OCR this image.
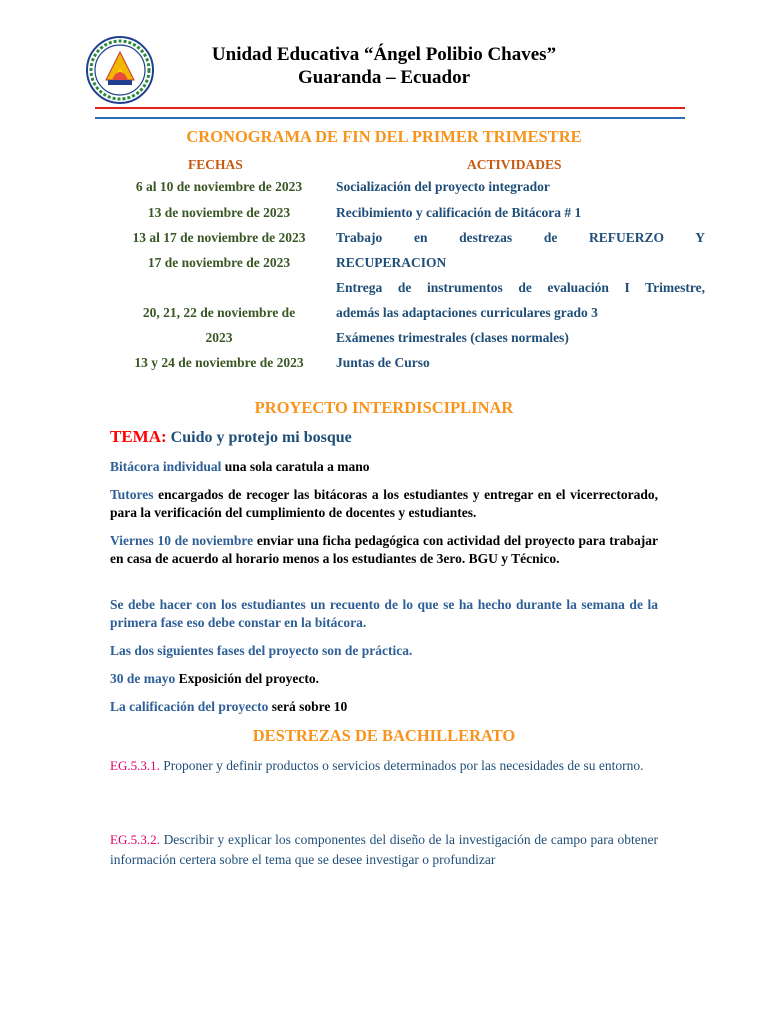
Unidad Educativa “Ángel Polibio Chaves”
Guaranda – Ecuador
CRONOGRAMA DE FIN DEL PRIMER TRIMESTRE
FECHAS	ACTIVIDADES
6 al 10 de noviembre de 2023
13 de noviembre de 2023
13 al 17 de noviembre de 2023
17 de noviembre de 2023
20, 21, 22 de noviembre de
2023
13 y 24 de noviembre de 2023
Socialización del proyecto integrador
Recibimiento y calificación de Bitácora # 1
Trabajo en destrezas de REFUERZO Y
RECUPERACION
Entrega de instrumentos de evaluación I Trimestre,
además las adaptaciones curriculares grado 3
Exámenes trimestrales (clases normales)
Juntas de Curso
PROYECTO INTERDISCIPLINAR
TEMA: Cuido y protejo mi bosque
Bitácora individual una sola caratula a mano
Tutores encargados de recoger las bitácoras a los estudiantes y entregar en el vicerrectorado, para la verificación del cumplimiento de docentes y estudiantes.
Viernes 10 de noviembre enviar una ficha pedagógica con actividad del proyecto para trabajar en casa de acuerdo al horario menos a los estudiantes de 3ero. BGU y Técnico.
Se debe hacer con los estudiantes un recuento de lo que se ha hecho durante la semana de la primera fase eso debe constar en la bitácora.
Las dos siguientes fases del proyecto son de práctica.
30 de mayo Exposición del proyecto.
La calificación del proyecto será sobre 10
DESTREZAS DE BACHILLERATO
EG.5.3.1. Proponer y definir productos o servicios determinados por las necesidades de su entorno.
EG.5.3.2. Describir y explicar los componentes del diseño de la investigación de campo para obtener información certera sobre el tema que se desee investigar o profundizar
